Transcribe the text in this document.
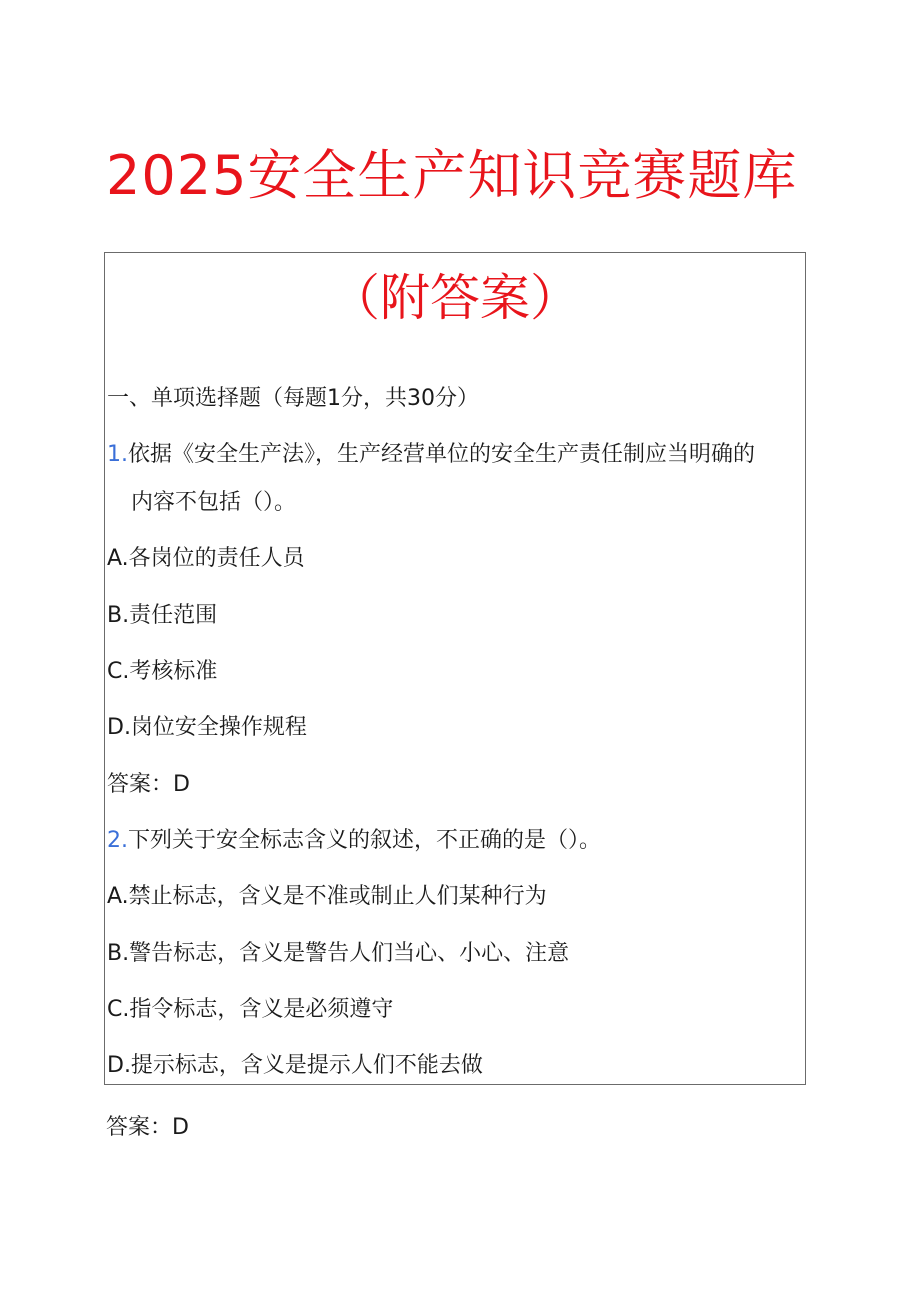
2025安全生产知识竞赛题库
（附答案）
一、单项选择题（每题1分，共30分）
1.依据《安全生产法》，生产经营单位的安全生产责任制应当明确的
内容不包括（）。
A.各岗位的责任人员
B.责任范围
C.考核标准
D.岗位安全操作规程
答案：D
2.下列关于安全标志含义的叙述，不正确的是（）。
A.禁止标志，含义是不准或制止人们某种行为
B.警告标志，含义是警告人们当心、小心、注意
C.指令标志，含义是必须遵守
D.提示标志，含义是提示人们不能去做
答案：D
